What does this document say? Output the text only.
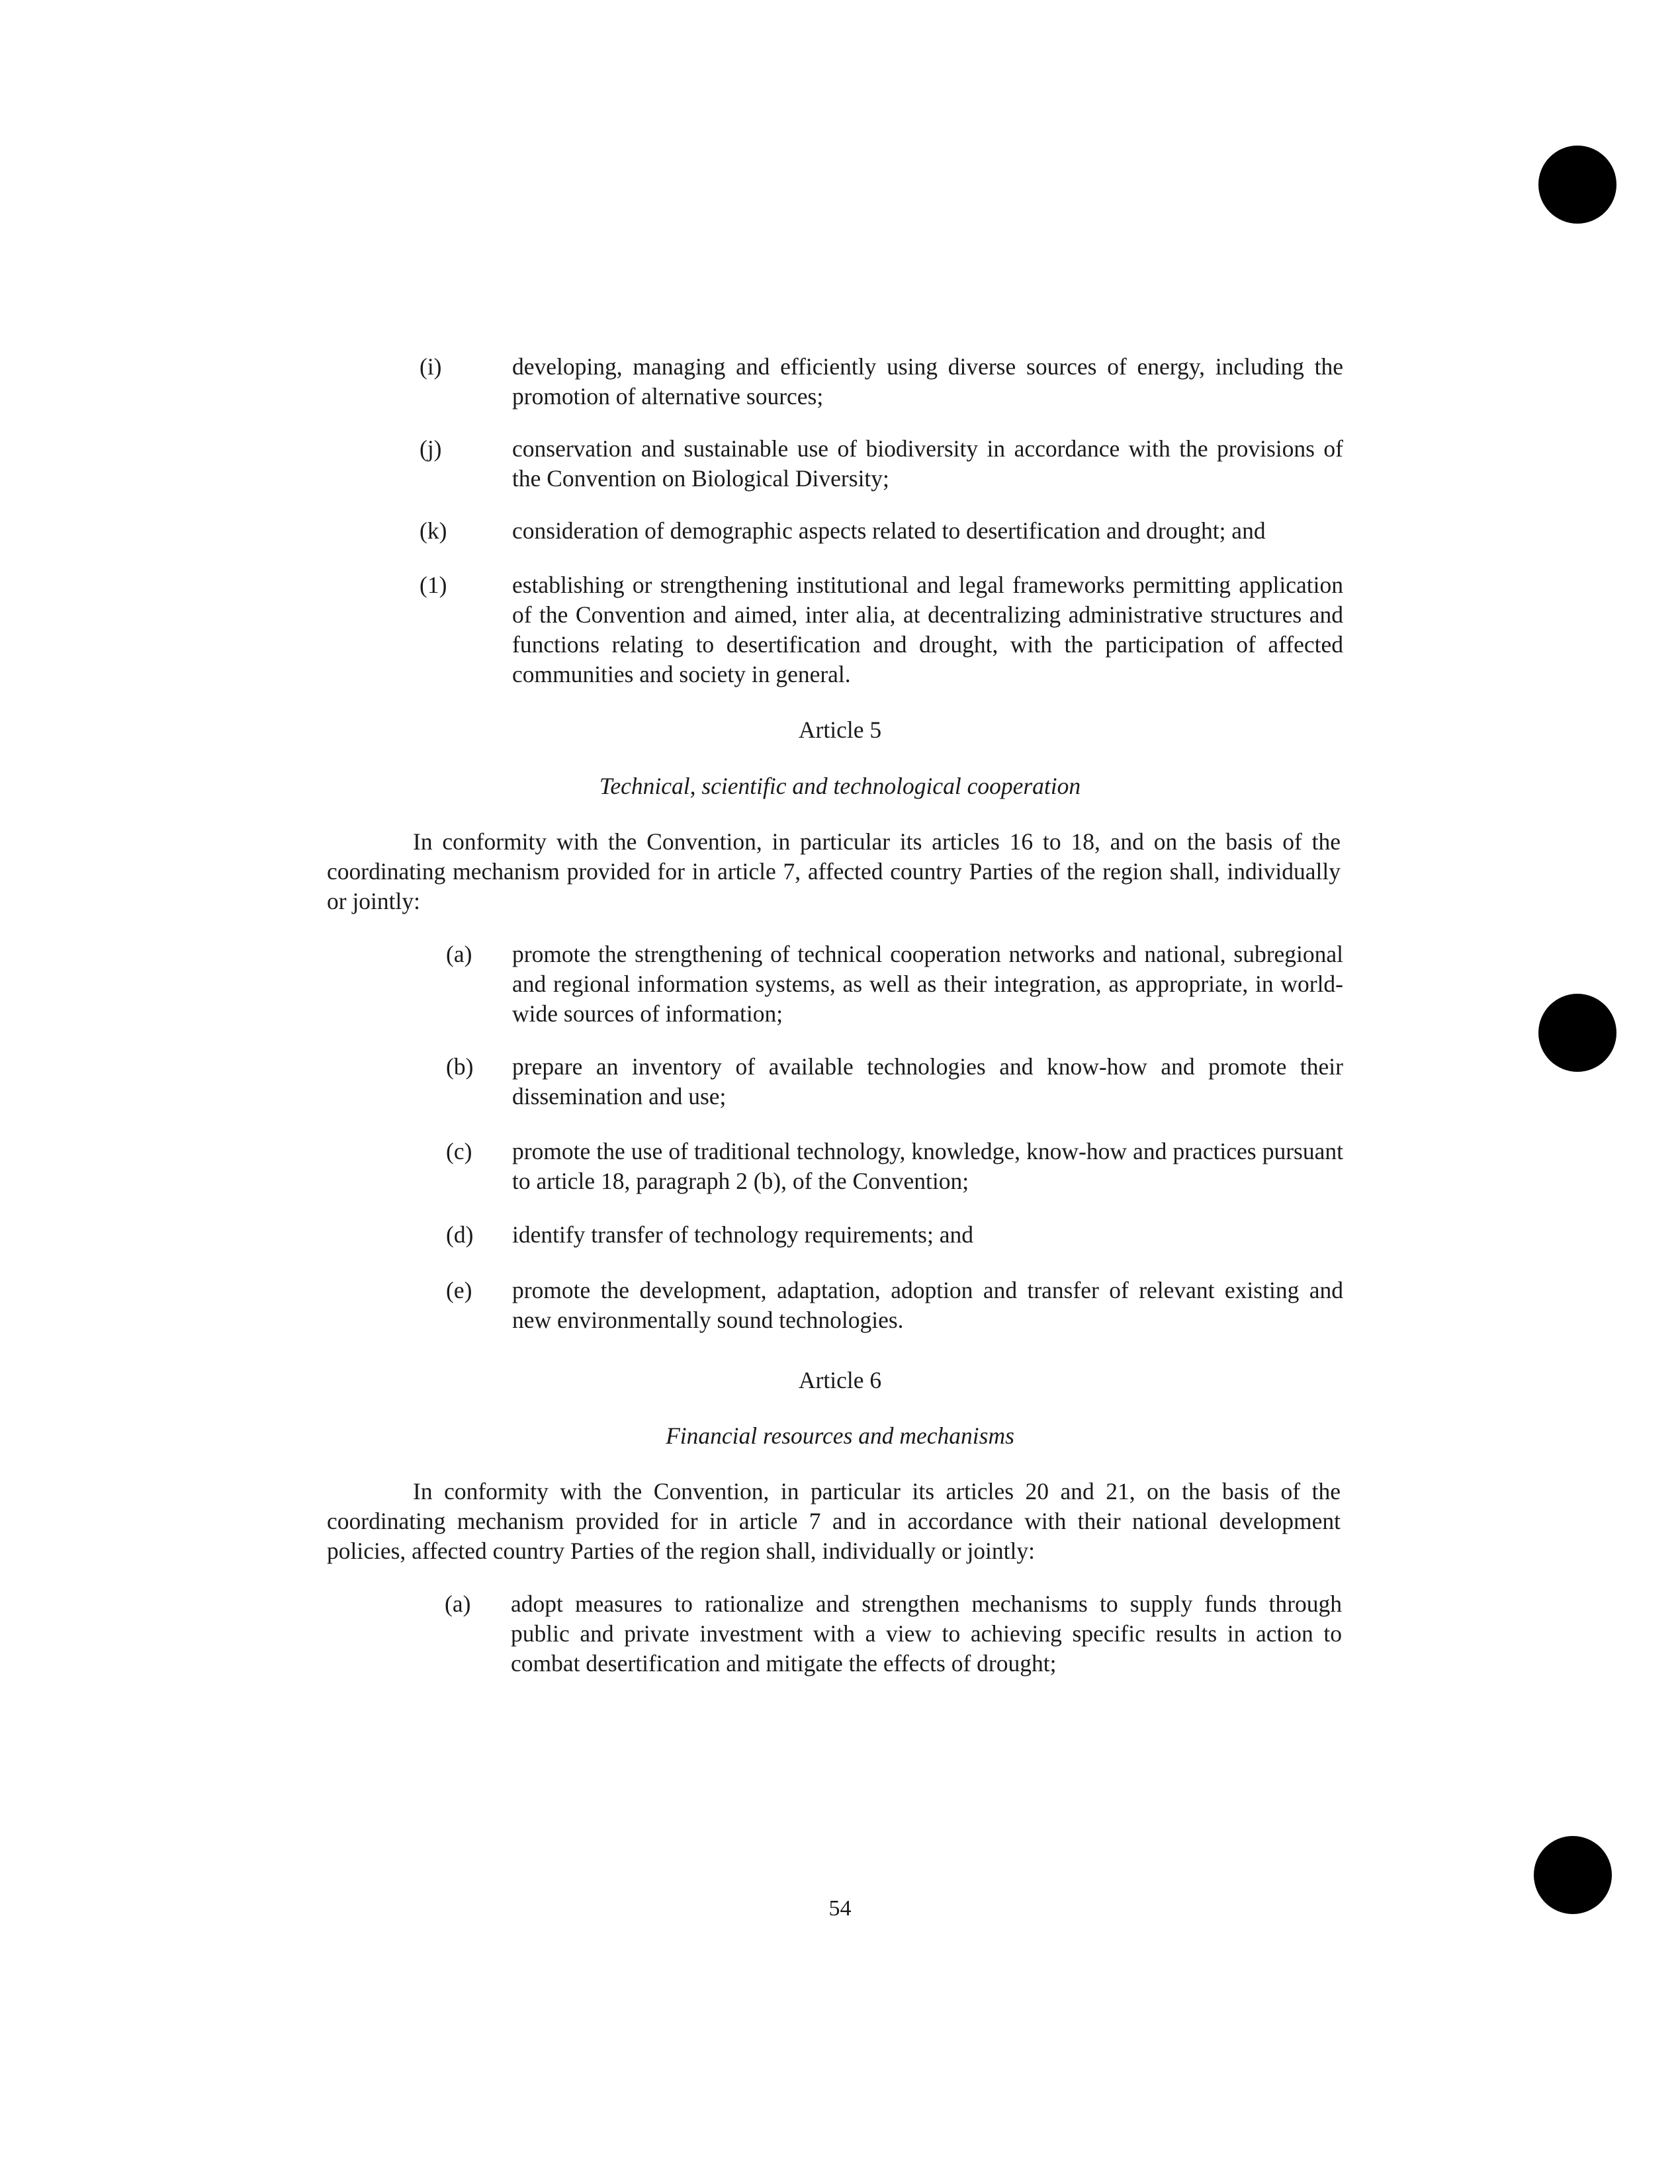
(i)	developing, managing and efficiently using diverse sources of energy, including the promotion of alternative sources;
(j)	conservation and sustainable use of biodiversity in accordance with the provisions of the Convention on Biological Diversity;
(k)	consideration of demographic aspects related to desertification and drought; and
(1)	establishing or strengthening institutional and legal frameworks permitting application of the Convention and aimed, inter alia, at decentralizing administrative structures and functions relating to desertification and drought, with the participation of affected communities and society in general.
Article 5
Technical, scientific and technological cooperation
In conformity with the Convention, in particular its articles 16 to 18, and on the basis of the coordinating mechanism provided for in article 7, affected country Parties of the region shall, individually or jointly:
(a) promote the strengthening of technical cooperation networks and national, subregional and regional information systems, as well as their integration, as appropriate, in world-wide sources of information;
(b) prepare an inventory of available technologies and know-how and promote their dissemination and use;
(c) promote the use of traditional technology, knowledge, know-how and practices pursuant to article 18, paragraph 2 (b), of the Convention;
(d) identify transfer of technology requirements; and
(e) promote the development, adaptation, adoption and transfer of relevant existing and new environmentally sound technologies.
Article 6
Financial resources and mechanisms
In conformity with the Convention, in particular its articles 20 and 21, on the basis of the coordinating mechanism provided for in article 7 and in accordance with their national development policies, affected country Parties of the region shall, individually or jointly:
(a) adopt measures to rationalize and strengthen mechanisms to supply funds through public and private investment with a view to achieving specific results in action to combat desertification and mitigate the effects of drought;
54
